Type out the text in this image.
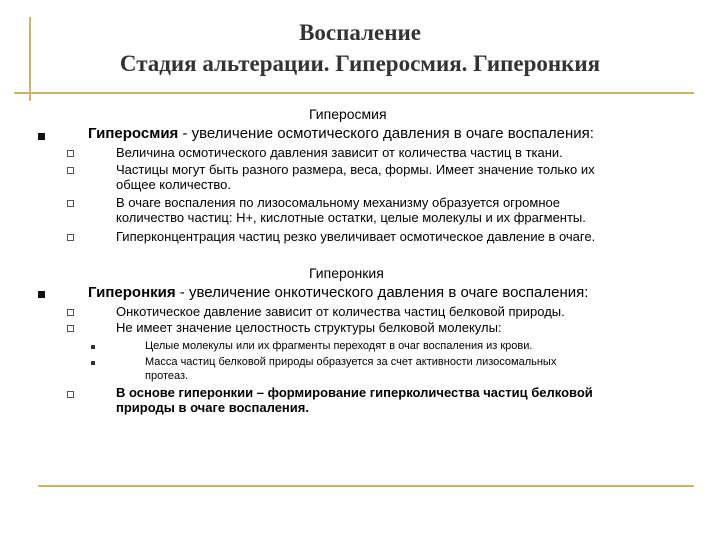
Воспаление
Стадия альтерации. Гиперосмия. Гиперонкия
Гиперосмия
Гиперосмия - увеличение осмотического давления в очаге воспаления:
Величина осмотического давления зависит от количества частиц в ткани.
Частицы могут быть разного размера, веса, формы. Имеет значение только их
общее количество.
В очаге воспаления по лизосомальному механизму образуется огромное
количество частиц: Н+, кислотные остатки, целые молекулы и их фрагменты.
Гиперконцентрация частиц резко увеличивает осмотическое давление в очаге.
Гиперонкия
Гиперонкия - увеличение онкотического давления в очаге воспаления:
Онкотическое давление зависит от количества частиц белковой природы.
Не имеет значение целостность структуры белковой молекулы:
Целые молекулы или их фрагменты переходят в очаг воспаления из крови.
Масса частиц белковой природы образуется за счет активности лизосомальных
протеаз.
В основе гиперонкии – формирование гиперколичества частиц белковой
природы в очаге воспаления.
